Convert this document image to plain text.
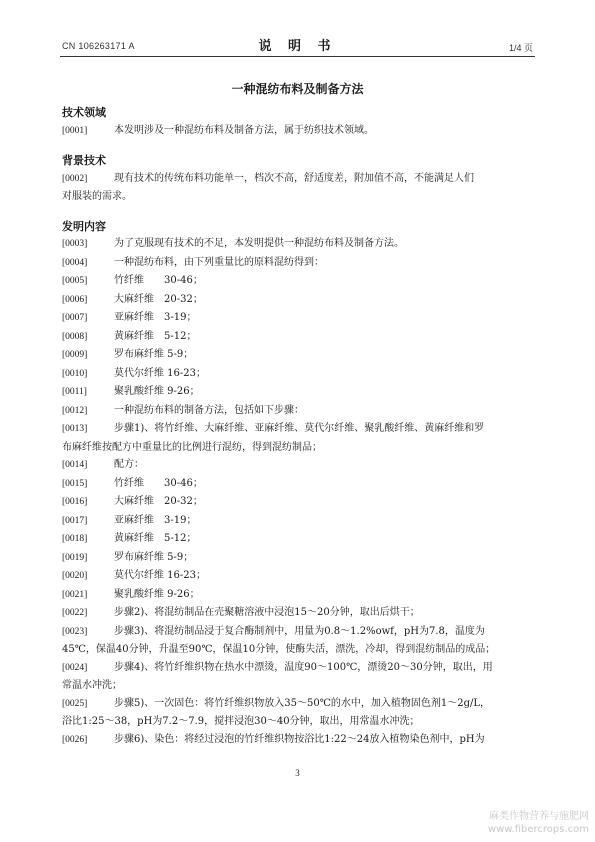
CN 106263171 A	说 明 书	1/4 页
一种混纺布料及制备方法
技术领域
[0001]	本发明涉及一种混纺布料及制备方法，属于纺织技术领域。
背景技术
[0002]	现有技术的传统布料功能单一，档次不高，舒适度差，附加值不高，不能满足人们
对服装的需求。
发明内容
[0003]	为了克服现有技术的不足，本发明提供一种混纺布料及制备方法。
[0004]	一种混纺布料，由下列重量比的原料混纺得到：
[0005]	竹纤维　　30-46；
[0006]	大麻纤维　20-32；
[0007]	亚麻纤维　3-19；
[0008]	黄麻纤维　5-12；
[0009]	罗布麻纤维 5-9；
[0010]	莫代尔纤维 16-23；
[0011]	聚乳酸纤维 9-26；
[0012]	一种混纺布料的制备方法，包括如下步骤：
[0013]	步骤1)、将竹纤维、大麻纤维、亚麻纤维、莫代尔纤维、聚乳酸纤维、黄麻纤维和罗
布麻纤维按配方中重量比的比例进行混纺，得到混纺制品；
[0014]	配方：
[0015]	竹纤维　　30-46；
[0016]	大麻纤维　20-32；
[0017]	亚麻纤维　3-19；
[0018]	黄麻纤维　5-12；
[0019]	罗布麻纤维 5-9；
[0020]	莫代尔纤维 16-23；
[0021]	聚乳酸纤维 9-26；
[0022]	步骤2)、将混纺制品在壳聚糖溶液中浸泡15～20分钟，取出后烘干；
[0023]	步骤3)、将混纺制品浸于复合酶制剂中，用量为0.8～1.2%owf，pH为7.8，温度为
45℃，保温40分钟，升温至90℃，保温10分钟，使酶失活，漂洗，冷却，得到混纺制品的成品；
[0024]	步骤4)、将竹纤维织物在热水中漂烫，温度90～100℃，漂烫20～30分钟，取出，用
常温水冲洗；
[0025]	步骤5)、一次固色：将竹纤维织物放入35～50℃的水中，加入植物固色剂1～2g/L，
浴比1:25～38，pH为7.2～7.9，搅拌浸泡30～40分钟，取出，用常温水冲洗；
[0026]	步骤6)、染色：将经过浸泡的竹纤维织物按浴比1:22～24放入植物染色剂中，pH为
3
麻类作物营养与施肥网
www.fibercrops.com
